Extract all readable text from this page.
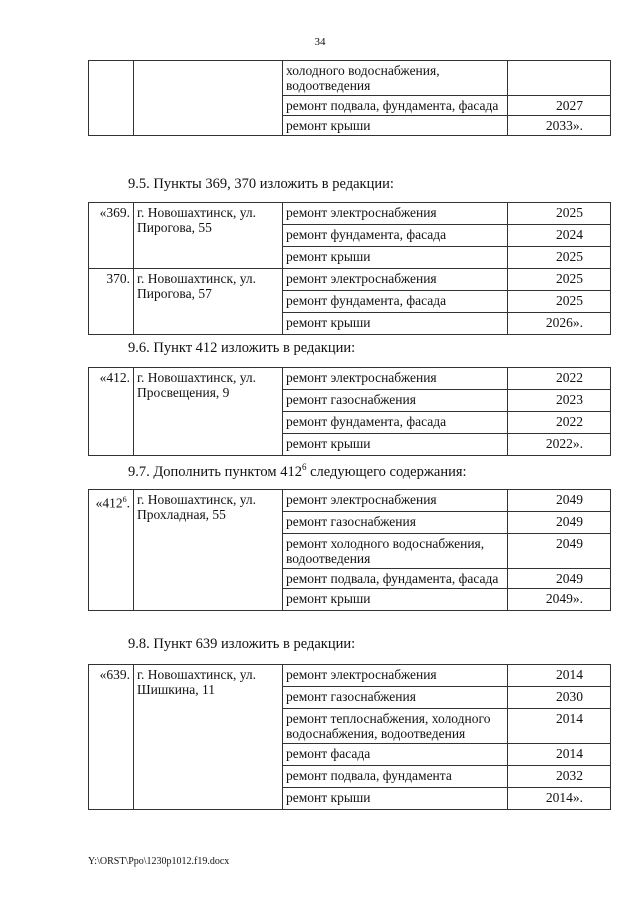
34
		холодного водоснабжения, водоотведения	
		ремонт подвала, фундамента, фасада	2027
		ремонт крыши	2033».
9.5. Пункты 369, 370 изложить в редакции:
«369.	г. Новошахтинск, ул. Пирогова, 55	ремонт электроснабжения	2025
		ремонт фундамента, фасада	2024
		ремонт крыши	2025
370.	г. Новошахтинск, ул. Пирогова, 57	ремонт электроснабжения	2025
		ремонт фундамента, фасада	2025
		ремонт крыши	2026».
9.6. Пункт 412 изложить в редакции:
«412.	г. Новошахтинск, ул. Просвещения, 9	ремонт электроснабжения	2022
		ремонт газоснабжения	2023
		ремонт фундамента, фасада	2022
		ремонт крыши	2022».
9.7. Дополнить пунктом $412^6$ следующего содержания:
«$412^6$.	г. Новошахтинск, ул. Прохладная, 55	ремонт электроснабжения	2049
		ремонт газоснабжения	2049
		ремонт холодного водоснабжения, водоотведения	2049
		ремонт подвала, фундамента, фасада	2049
		ремонт крыши	2049».
9.8. Пункт 639 изложить в редакции:
«639.	г. Новошахтинск, ул. Шишкина, 11	ремонт электроснабжения	2014
		ремонт газоснабжения	2030
		ремонт теплоснабжения, холодного водоснабжения, водоотведения	2014
		ремонт фасада	2014
		ремонт подвала, фундамента	2032
		ремонт крыши	2014».
Y:\ORST\Ppo\1230p1012.f19.docx
